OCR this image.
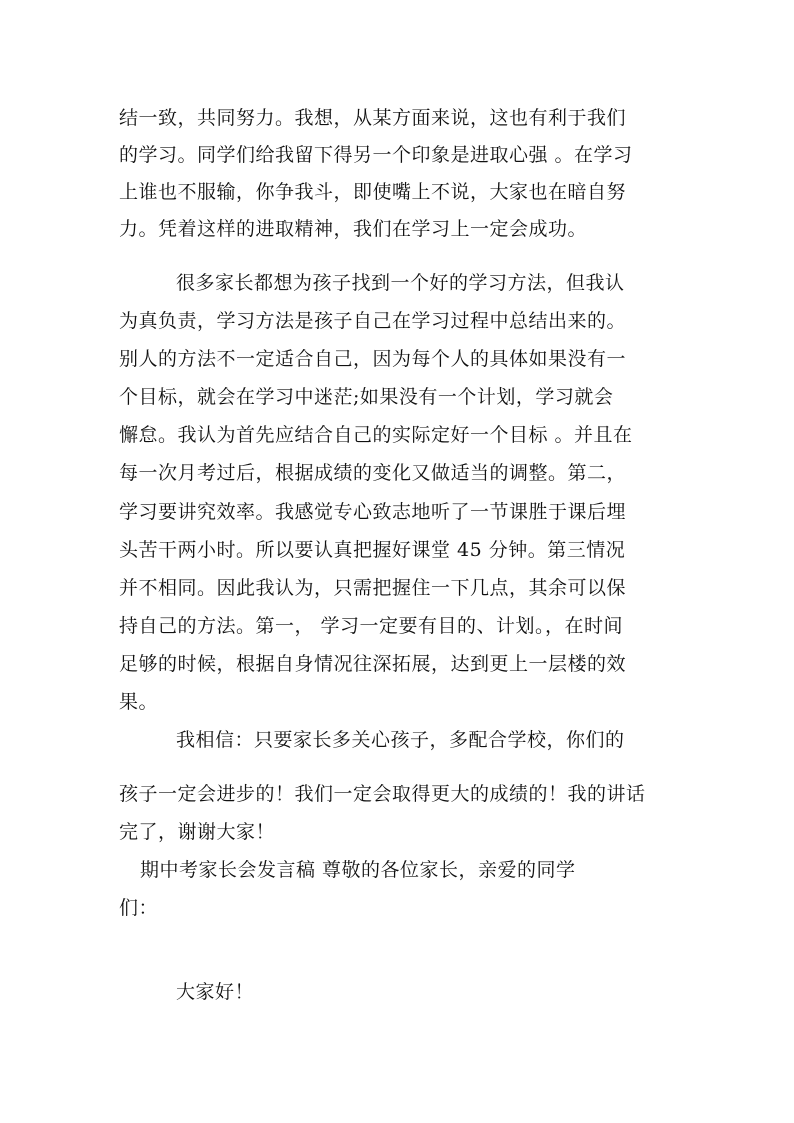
结一致，共同努力。我想，从某方面来说，这也有利于我们
的学习。同学们给我留下得另一个印象是进取心强 。在学习
上谁也不服输，你争我斗，即使嘴上不说，大家也在暗自努
力。凭着这样的进取精神，我们在学习上一定会成功。
很多家长都想为孩子找到一个好的学习方法，但我认
为真负责，学习方法是孩子自己在学习过程中总结出来的。
别人的方法不一定适合自己，因为每个人的具体如果没有一
个目标，就会在学习中迷茫;如果没有一个计划，学习就会
懈怠。我认为首先应结合自己的实际定好一个目标 。并且在
每一次月考过后，根据成绩的变化又做适当的调整。第二，
学习要讲究效率。我感觉专心致志地听了一节课胜于课后埋
头苦干两小时。所以要认真把握好课堂 45 分钟。第三情况
并不相同。因此我认为，只需把握住一下几点，其余可以保
持自己的方法。第一， 学习一定要有目的、计划。，在时间
足够的时候，根据自身情况往深拓展，达到更上一层楼的效
果。
我相信：只要家长多关心孩子，多配合学校，你们的
孩子一定会进步的！我们一定会取得更大的成绩的！我的讲话
完了，谢谢大家！
期中考家长会发言稿 尊敬的各位家长，亲爱的同学
们：
大家好！
